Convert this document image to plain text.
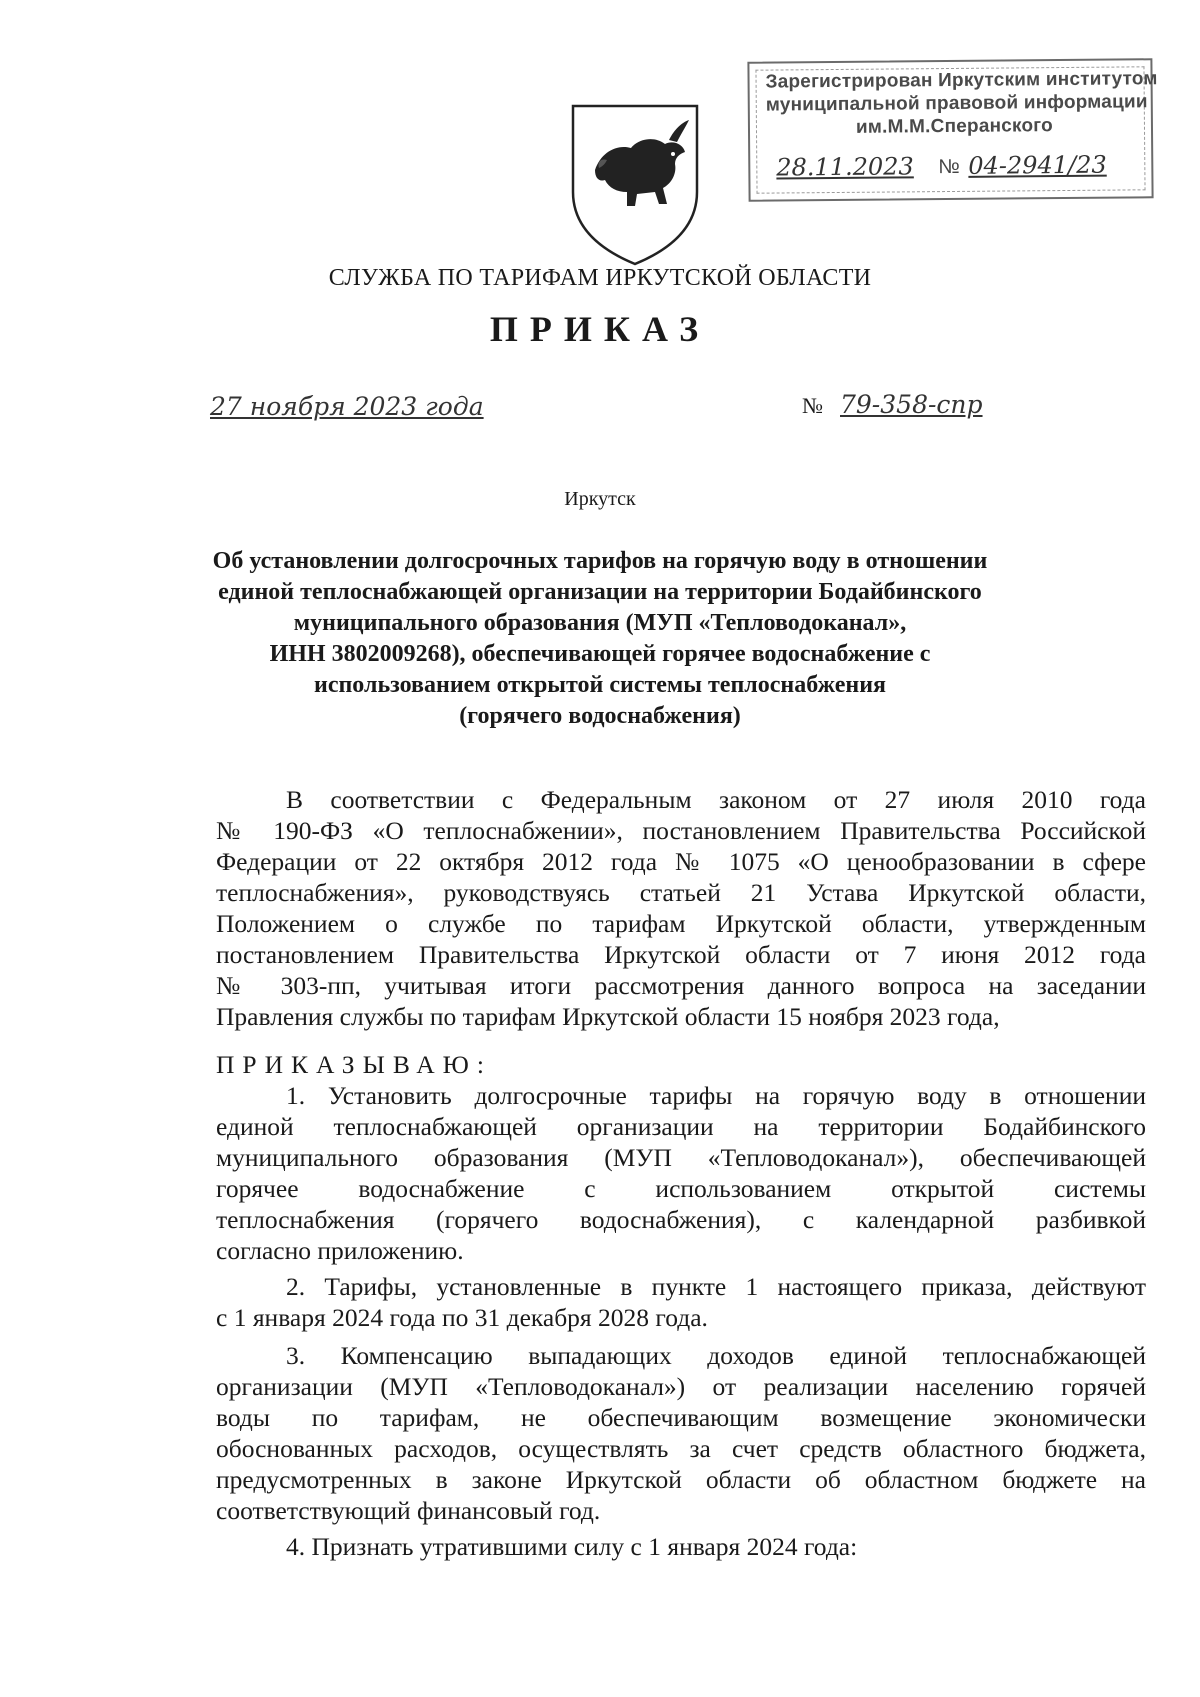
Зарегистрирован Иркутским институтом
муниципальной правовой информации
им.М.М.Сперанского
28.11.2023 № 04-2941/23
СЛУЖБА ПО ТАРИФАМ ИРКУТСКОЙ ОБЛАСТИ
ПРИКАЗ
27 ноября 2023 года	№ 79-358-спр
Иркутск
Об установлении долгосрочных тарифов на горячую воду в отношении
единой теплоснабжающей организации на территории Бодайбинского
муниципального образования (МУП «Тепловодоканал»,
ИНН 3802009268), обеспечивающей горячее водоснабжение с
использованием открытой системы теплоснабжения
(горячего водоснабжения)
В соответствии с Федеральным законом от 27 июля 2010 года
№ 190-ФЗ «О теплоснабжении», постановлением Правительства Российской
Федерации от 22 октября 2012 года № 1075 «О ценообразовании в сфере
теплоснабжения», руководствуясь статьей 21 Устава Иркутской области,
Положением о службе по тарифам Иркутской области, утвержденным
постановлением Правительства Иркутской области от 7 июня 2012 года
№ 303-пп, учитывая итоги рассмотрения данного вопроса на заседании
Правления службы по тарифам Иркутской области 15 ноября 2023 года,
ПРИКАЗЫВАЮ:
1. Установить долгосрочные тарифы на горячую воду в отношении
единой теплоснабжающей организации на территории Бодайбинского
муниципального образования (МУП «Тепловодоканал»), обеспечивающей
горячее водоснабжение с использованием открытой системы
теплоснабжения (горячего водоснабжения), с календарной разбивкой
согласно приложению.
2. Тарифы, установленные в пункте 1 настоящего приказа, действуют
с 1 января 2024 года по 31 декабря 2028 года.
3. Компенсацию выпадающих доходов единой теплоснабжающей
организации (МУП «Тепловодоканал») от реализации населению горячей
воды по тарифам, не обеспечивающим возмещение экономически
обоснованных расходов, осуществлять за счет средств областного бюджета,
предусмотренных в законе Иркутской области об областном бюджете на
соответствующий финансовый год.
4. Признать утратившими силу с 1 января 2024 года:
